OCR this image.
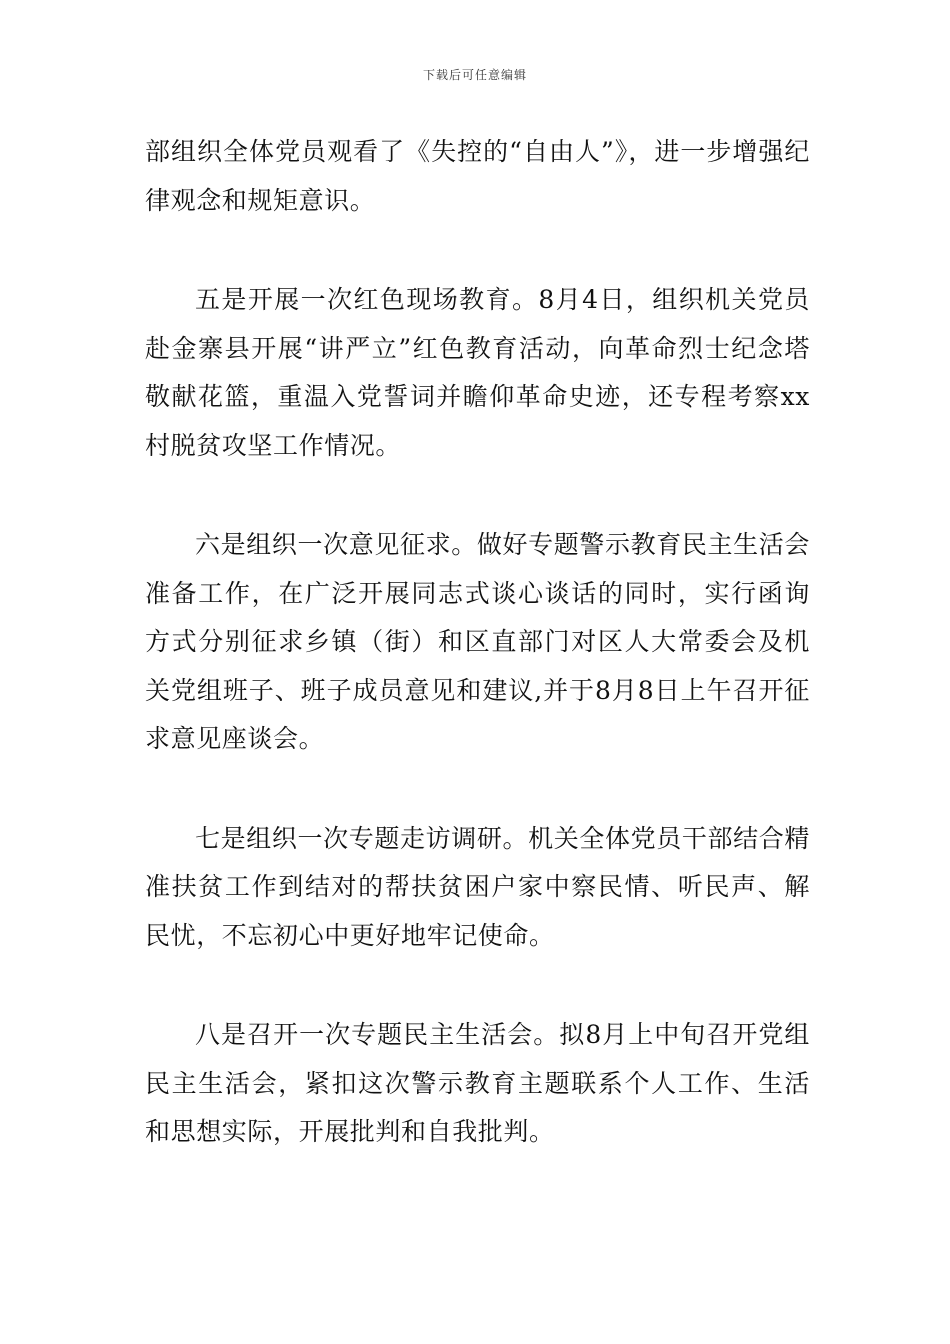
下载后可任意编辑

部组织全体党员观看了《失控的“自由人”》，进一步增强纪律观念和规矩意识。

五是开展一次红色现场教育。8月4日，组织机关党员赴金寨县开展“讲严立”红色教育活动，向革命烈士纪念塔敬献花篮，重温入党誓词并瞻仰革命史迹，还专程考察xx村脱贫攻坚工作情况。

六是组织一次意见征求。做好专题警示教育民主生活会准备工作，在广泛开展同志式谈心谈话的同时，实行函询方式分别征求乡镇（街）和区直部门对区人大常委会及机关党组班子、班子成员意见和建议,并于8月8日上午召开征求意见座谈会。

七是组织一次专题走访调研。机关全体党员干部结合精准扶贫工作到结对的帮扶贫困户家中察民情、听民声、解民忧，不忘初心中更好地牢记使命。

八是召开一次专题民主生活会。拟8月上中旬召开党组民主生活会，紧扣这次警示教育主题联系个人工作、生活和思想实际，开展批判和自我批判。
